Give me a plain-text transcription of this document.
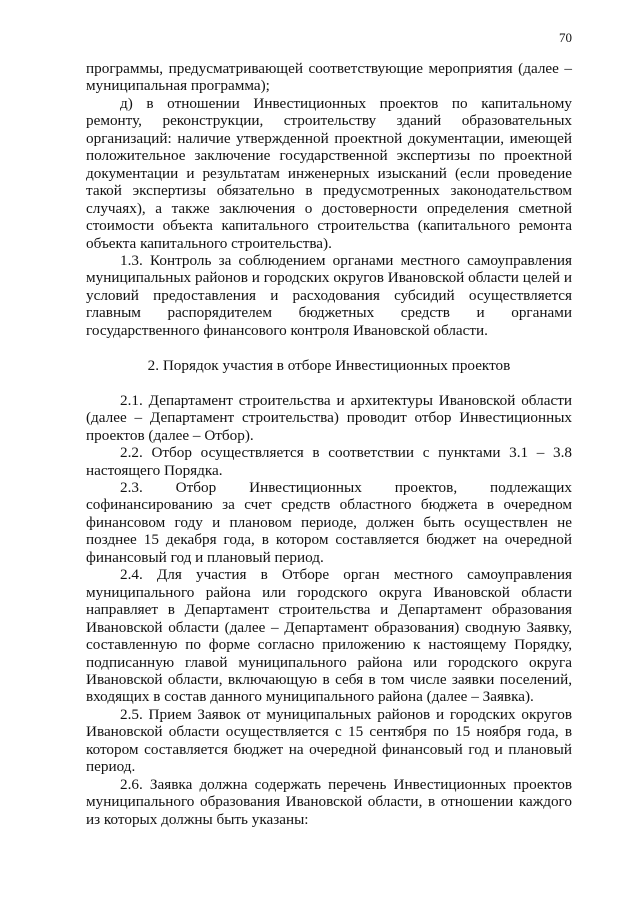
70

программы, предусматривающей соответствующие мероприятия (далее – муниципальная программа);

д) в отношении Инвестиционных проектов по капитальному ремонту, реконструкции, строительству зданий образовательных организаций: наличие утвержденной проектной документации, имеющей положительное заключение государственной экспертизы по проектной документации и результатам инженерных изысканий (если проведение такой экспертизы обязательно в предусмотренных законодательством случаях), а также заключения о достоверности определения сметной стоимости объекта капитального строительства (капитального ремонта объекта капитального строительства).

1.3. Контроль за соблюдением органами местного самоуправления муниципальных районов и городских округов Ивановской области целей и условий предоставления и расходования субсидий осуществляется главным распорядителем бюджетных средств и органами государственного финансового контроля Ивановской области.

2. Порядок участия в отборе Инвестиционных проектов

2.1. Департамент строительства и архитектуры Ивановской области (далее – Департамент строительства) проводит отбор Инвестиционных проектов (далее – Отбор).

2.2. Отбор осуществляется в соответствии с пунктами 3.1 – 3.8 настоящего Порядка.

2.3. Отбор Инвестиционных проектов, подлежащих софинансированию за счет средств областного бюджета в очередном финансовом году и плановом периоде, должен быть осуществлен не позднее 15 декабря года, в котором составляется бюджет на очередной финансовый год и плановый период.

2.4. Для участия в Отборе орган местного самоуправления муниципального района или городского округа Ивановской области направляет в Департамент строительства и Департамент образования Ивановской области (далее – Департамент образования) сводную Заявку, составленную по форме согласно приложению к настоящему Порядку, подписанную главой муниципального района или городского округа Ивановской области, включающую в себя в том числе заявки поселений, входящих в состав данного муниципального района (далее – Заявка).

2.5. Прием Заявок от муниципальных районов и городских округов Ивановской области осуществляется с 15 сентября по 15 ноября года, в котором составляется бюджет на очередной финансовый год и плановый период.

2.6. Заявка должна содержать перечень Инвестиционных проектов муниципального образования Ивановской области, в отношении каждого из которых должны быть указаны:
